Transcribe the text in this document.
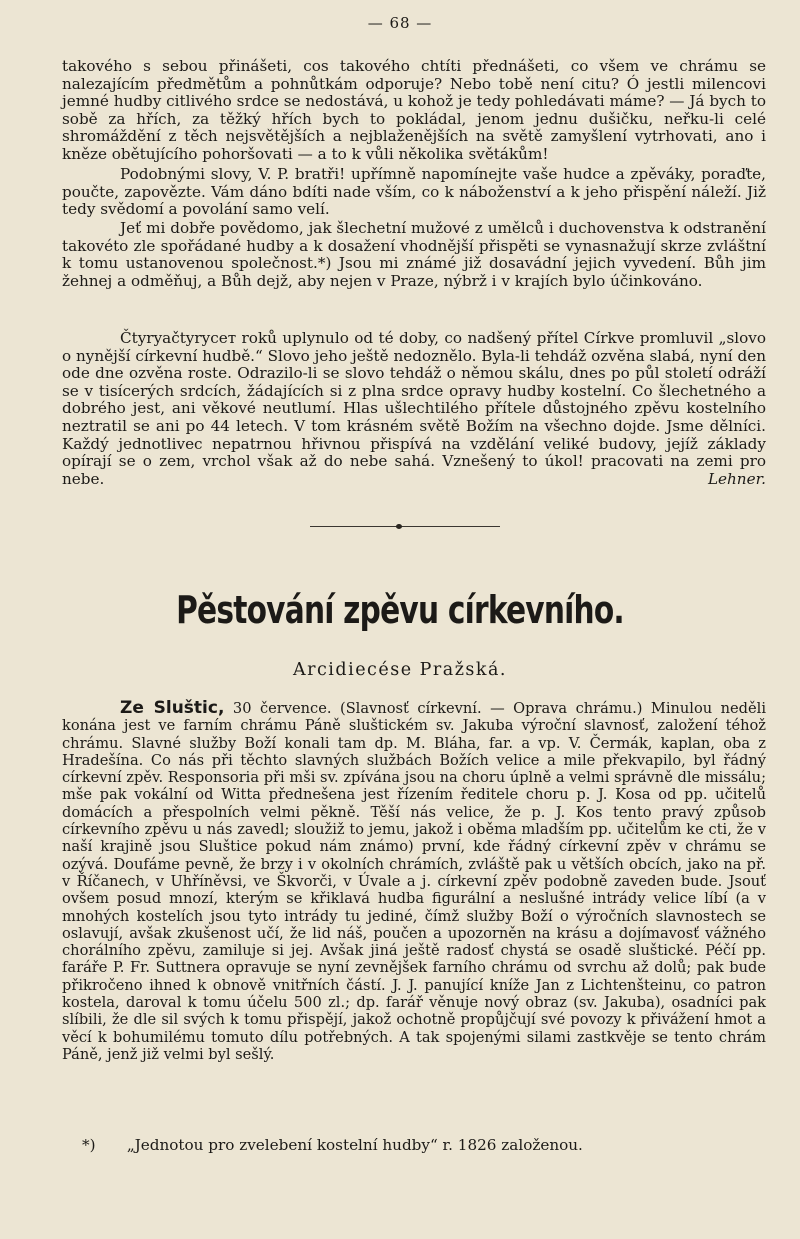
— 68 —

takového s sebou přinášeti, cos takového chtíti přednášeti, co všem ve chrámu se nalezajícím předmětům a pohnůtkám odporuje? Nebo tobě není citu? Ó jestli milencovi jemné hudby citlivého srdce se nedostává, u kohož je tedy pohledávati máme? — Já bych to sobě za hřích, za těžký hřích bych to pokládal, jenom jednu dušičku, neřku-li celé shromáždění z těch nejsvětějších a nejblaženějších na světě zamyšlení vytrhovati, ano i kněze obětujícího pohoršovati — a to k vůli několika světákům!

Podobnými slovy, V. P. bratři! upřímně napomínejte vaše hudce a zpěváky, poraďte, poučte, zapovězte. Vám dáno bdíti nade vším, co k náboženství a k jeho přispění náleží. Již tedy svědomí a povolání samo velí.

Jeť mi dobře povědomo, jak šlechetní mužové z umělců i duchovenstva k odstranění takovéto zle spořádané hudby a k dosažení vhodnější přispěti se vynasnažují skrze zvláštní k tomu ustanovenou společnost.*) Jsou mi známé již dosavádní jejich vyvedení. Bůh jim žehnej a odměňuj, a Bůh dejž, aby nejen v Praze, nýbrž i v krajích bylo účinkováno.

Čtyryačtyryceт roků uplynulo od té doby, co nadšený přítel Církve promluvil „slovo o nynější církevní hudbě.“ Slovo jeho ještě nedoznělo. Byla-li tehdáž ozvěna slabá, nyní den ode dne ozvěna roste. Odrazilo-li se slovo tehdáž o němou skálu, dnes po půl století odráží se v tisícerých srdcích, žádajících si z plna srdce opravy hudby kostelní. Co šlechetného a dobrého jest, ani věkové neutlumí. Hlas ušlechtilého přítele důstojného zpěvu kostelního neztratil se ani po 44 letech. V tom krásném světě Božím na všechno dojde. Jsme dělníci. Každý jednotlivec nepatrnou hřivnou přispívá na vzdělání veliké budovy, jejíž základy opírají se o zem, vrchol však až do nebe sahá. Vznešený to úkol! pracovati na zemi pro nebe.	Lehner.

Pěstování zpěvu církevního.
Arcidiecése Pražská.

Ze Sluštic, 30 července. (Slavnosť církevní. — Oprava chrámu.) Minulou neděli konána jest ve farním chrámu Páně sluštickém sv. Jakuba výroční slavnosť, založení téhož chrámu. Slavné služby Boží konali tam dp. M. Bláha, far. a vp. V. Čermák, kaplan, oba z Hradešína. Co nás při těchto slavných službách Božích velice a mile překvapilo, byl řádný církevní zpěv. Responsoria při mši sv. zpívána jsou na choru úplně a velmi správně dle missálu; mše pak vokální od Witta přednešena jest řízením ředitele choru p. J. Kosa od pp. učitelů domácích a přespolních velmi pěkně. Těší nás velice, že p. J. Kos tento pravý způsob církevního zpěvu u nás zavedl; sloužiž to jemu, jakož i oběma mladším pp. učitelům ke cti, že v naší krajině jsou Sluštice pokud nám známo) první, kde řádný církevní zpěv v chrámu se ozývá. Doufáme pevně, že brzy i v okolních chrámích, zvláště pak u větších obcích, jako na př. v Říčanech, v Uhříněvsi, ve Škvorči, v Úvale a j. církevní zpěv podobně zaveden bude. Jsouť ovšem posud mnozí, kterým se křiklavá hudba figurální a neslušné intrády velice líbí (a v mnohých kostelích jsou tyto intrády tu jediné, čímž služby Boží o výročních slavnostech se oslavují, avšak zkušenost učí, že lid náš, poučen a upozorněn na krásu a dojímavosť vážného chorálního zpěvu, zamiluje si jej. Avšak jiná ještě radosť chystá se osadě sluštické. Péčí pp. faráře P. Fr. Suttnera opravuje se nyní zevnějšek farního chrámu od svrchu až dolů; pak bude přikročeno ihned k obnově vnitřních částí. J. J. panující kníže Jan z Lichtenšteinu, co patron kostela, daroval k tomu účelu 500 zl.; dp. farář věnuje nový obraz (sv. Jakuba), osadníci pak slíbili, že dle sil svých k tomu přispějí, jakož ochotně propůjčují své povozy k přivážení hmot a věcí k bohumilému tomuto dílu potřebných. A tak spojenými silami zastkvěje se tento chrám Páně, jenž již velmi byl sešlý.

*) „Jednotou pro zvelebení kostelní hudby“ r. 1826 založenou.
